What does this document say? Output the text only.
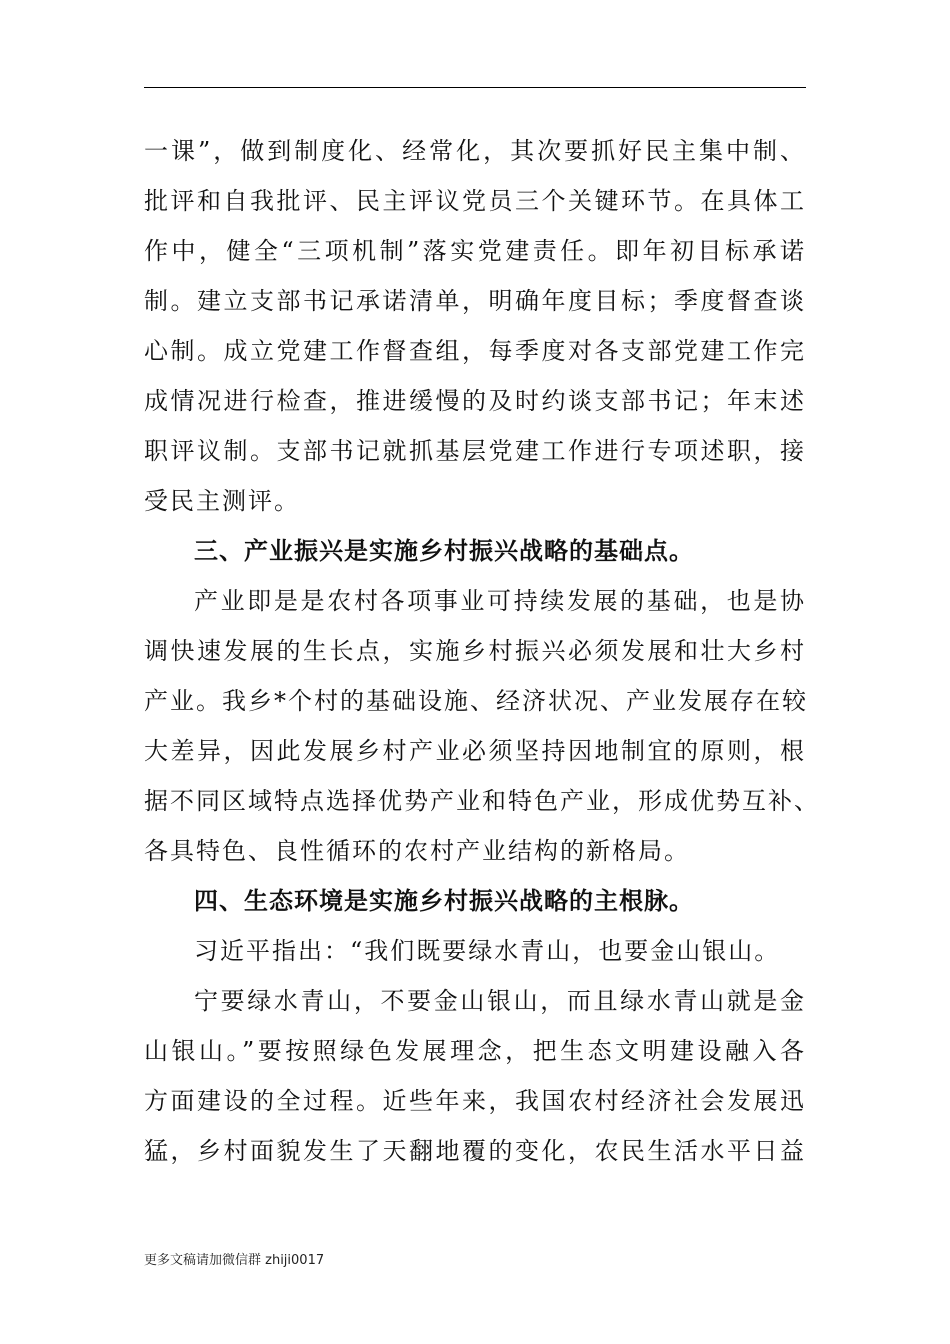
一课”，做到制度化、经常化，其次要抓好民主集中制、
批评和自我批评、民主评议党员三个关键环节。在具体工
作中，健全“三项机制”落实党建责任。即年初目标承诺
制。建立支部书记承诺清单，明确年度目标；季度督查谈
心制。成立党建工作督查组，每季度对各支部党建工作完
成情况进行检查，推进缓慢的及时约谈支部书记；年末述
职评议制。支部书记就抓基层党建工作进行专项述职，接
受民主测评。
三、产业振兴是实施乡村振兴战略的基础点。
产业即是是农村各项事业可持续发展的基础，也是协
调快速发展的生长点，实施乡村振兴必须发展和壮大乡村
产业。我乡*个村的基础设施、经济状况、产业发展存在较
大差异，因此发展乡村产业必须坚持因地制宜的原则，根
据不同区域特点选择优势产业和特色产业，形成优势互补、
各具特色、良性循环的农村产业结构的新格局。
四、生态环境是实施乡村振兴战略的主根脉。
习近平指出：“我们既要绿水青山，也要金山银山。
宁要绿水青山，不要金山银山，而且绿水青山就是金
山银山。”要按照绿色发展理念，把生态文明建设融入各
方面建设的全过程。近些年来，我国农村经济社会发展迅
猛，乡村面貌发生了天翻地覆的变化，农民生活水平日益
更多文稿请加微信群 zhiji0017
